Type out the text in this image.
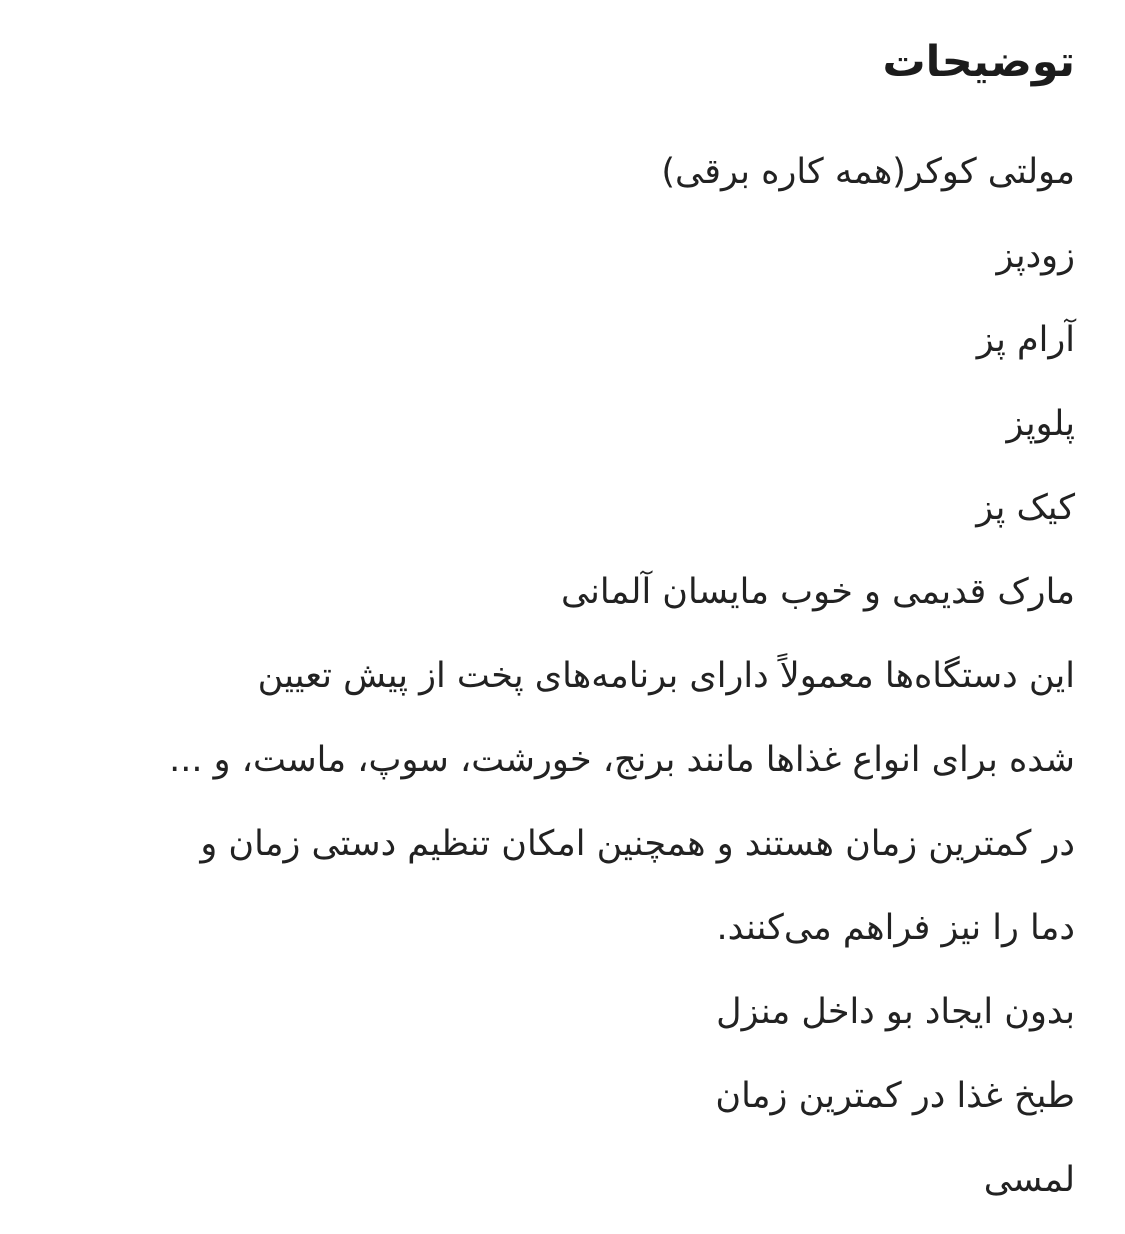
توضیحات
مولتی کوکر(همه کاره برقی)
زودپز
آرام پز
پلوپز
کیک پز
مارک قدیمی و خوب مایسان آلمانی
این دستگاه‌ها معمولاً دارای برنامه‌های پخت از پیش تعیین
شده برای انواع غذاها مانند برنج، خورشت، سوپ، ماست، و ...
در کمترین زمان هستند و همچنین امکان تنظیم دستی زمان و
دما را نیز فراهم می‌کنند.
بدون ایجاد بو داخل منزل
طبخ غذا در کمترین زمان
لمسی
